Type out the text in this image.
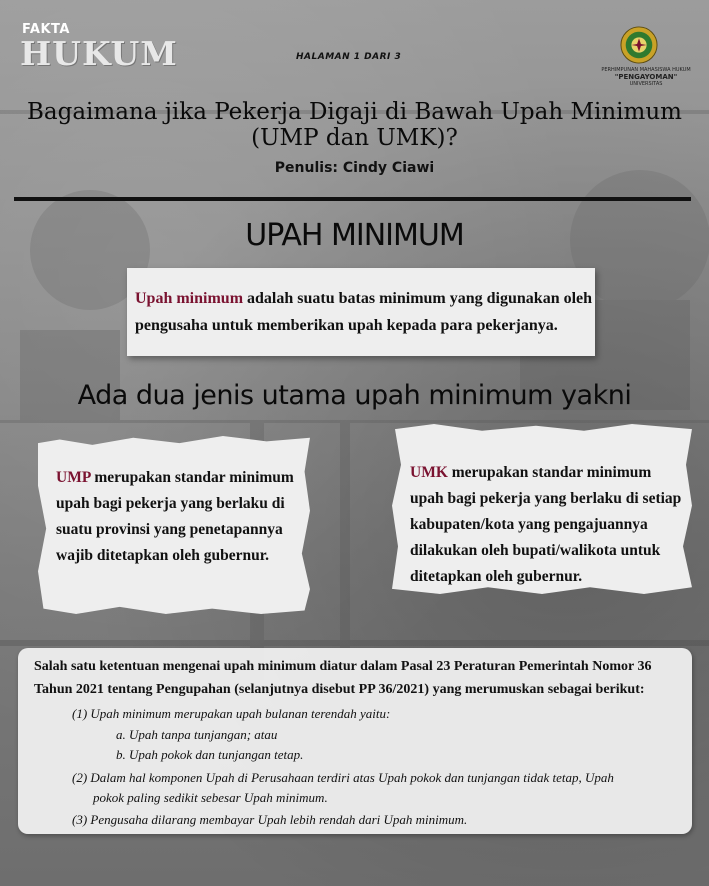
FAKTA
HUKUM	HALAMAN 1 DARI 3
PERHIMPUNAN MAHASISWA HUKUM
"PENGAYOMAN"
UNIVERSITAS
Bagaimana jika Pekerja Digaji di Bawah Upah Minimum
(UMP dan UMK)?
Penulis: Cindy Ciawi
UPAH MINIMUM
Upah minimum adalah suatu batas minimum yang digunakan oleh pengusaha untuk memberikan upah kepada para pekerjanya.
Ada dua jenis utama upah minimum yakni
UMP merupakan standar minimum upah bagi pekerja yang berlaku di suatu provinsi yang penetapannya wajib ditetapkan oleh gubernur.
UMK merupakan standar minimum upah bagi pekerja yang berlaku di setiap kabupaten/kota yang pengajuannya dilakukan oleh bupati/walikota untuk ditetapkan oleh gubernur.
Salah satu ketentuan mengenai upah minimum diatur dalam Pasal 23 Peraturan Pemerintah Nomor 36 Tahun 2021 tentang Pengupahan (selanjutnya disebut PP 36/2021) yang merumuskan sebagai berikut:
(1) Upah minimum merupakan upah bulanan terendah yaitu:
a. Upah tanpa tunjangan; atau
b. Upah pokok dan tunjangan tetap.
(2) Dalam hal komponen Upah di Perusahaan terdiri atas Upah pokok dan tunjangan tidak tetap, Upah
pokok paling sedikit sebesar Upah minimum.
(3) Pengusaha dilarang membayar Upah lebih rendah dari Upah minimum.
